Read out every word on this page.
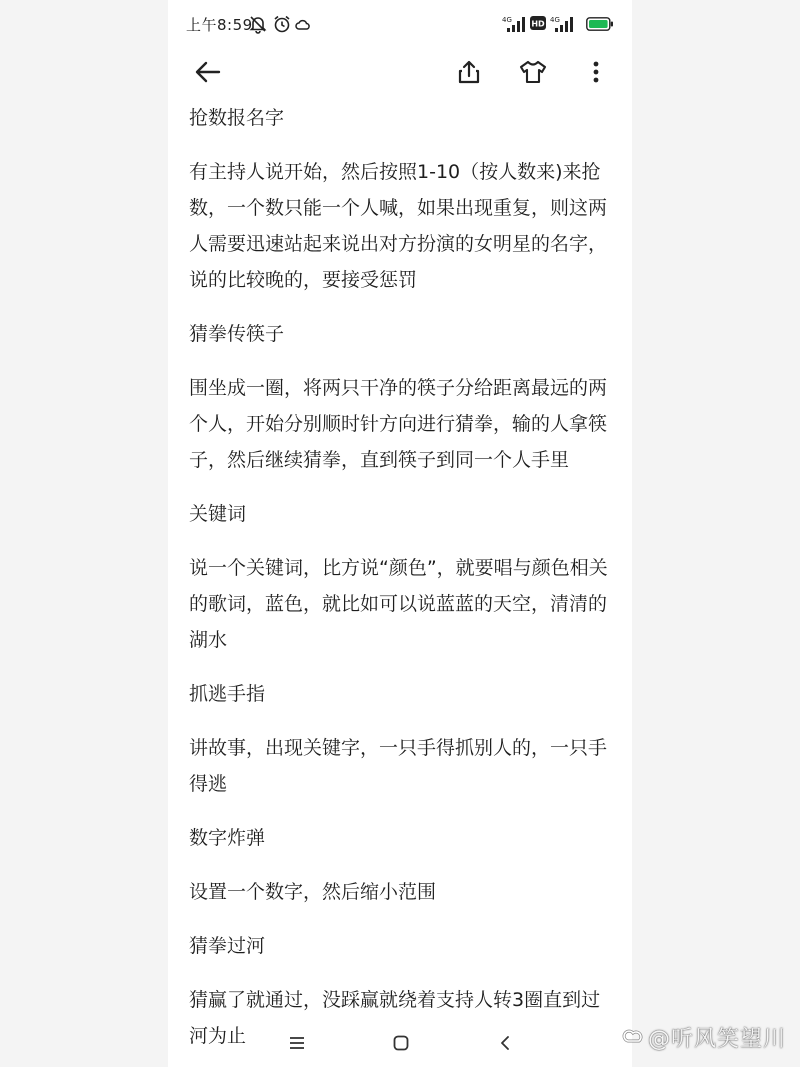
上午8:59	4G HD 4G

抢数报名字

有主持人说开始，然后按照1-10（按人数来)来抢数，一个数只能一个人喊，如果出现重复，则这两人需要迅速站起来说出对方扮演的女明星的名字，说的比较晚的，要接受惩罚

猜拳传筷子

围坐成一圈，将两只干净的筷子分给距离最远的两个人，开始分别顺时针方向进行猜拳，输的人拿筷子，然后继续猜拳，直到筷子到同一个人手里

关键词

说一个关键词，比方说“颜色”，就要唱与颜色相关的歌词，蓝色，就比如可以说蓝蓝的天空，清清的湖水

抓逃手指

讲故事，出现关键字，一只手得抓别人的，一只手得逃

数字炸弹

设置一个数字，然后缩小范围

猜拳过河

猜赢了就通过，没踩赢就绕着支持人转3圈直到过河为止	@听风笑望川
